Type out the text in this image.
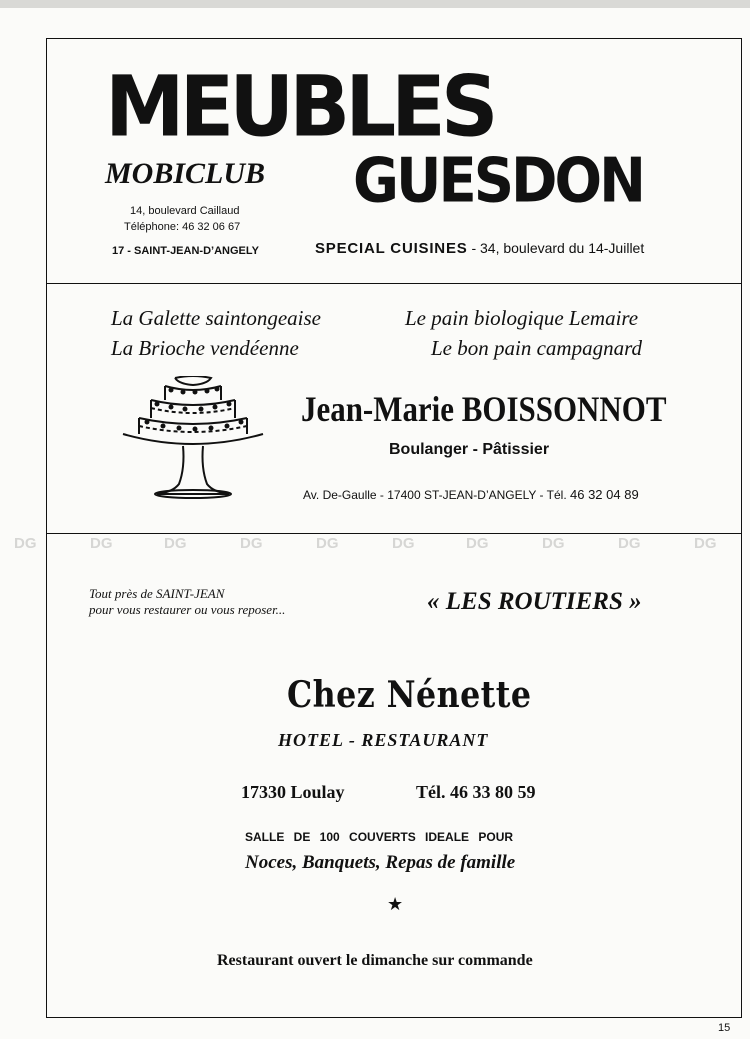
MEUBLES
MOBICLUB GUESDON
14, boulevard Caillaud
Téléphone: 46 32 06 67
17 - SAINT-JEAN-D’ANGELY	SPECIAL CUISINES - 34, boulevard du 14-Juillet
La Galette saintongeaise
La Brioche vendéenne
Le pain biologique Lemaire
Le bon pain campagnard
Jean-Marie BOISSONNOT
Boulanger - Pâtissier
Av. De-Gaulle - 17400 ST-JEAN-D’ANGELY - Tél. 46 32 04 89
Tout près de SAINT-JEAN
pour vous restaurer ou vous reposer...	« LES ROUTIERS »
Chez Nénette
HOTEL - RESTAURANT
17330 Loulay	Tél. 46 33 80 59
SALLE DE 100 COUVERTS IDEALE POUR
Noces, Banquets, Repas de famille
★
Restaurant ouvert le dimanche sur commande
DG	DG	DG	DG	DG	DG	DG	DG	DG	DG
15
